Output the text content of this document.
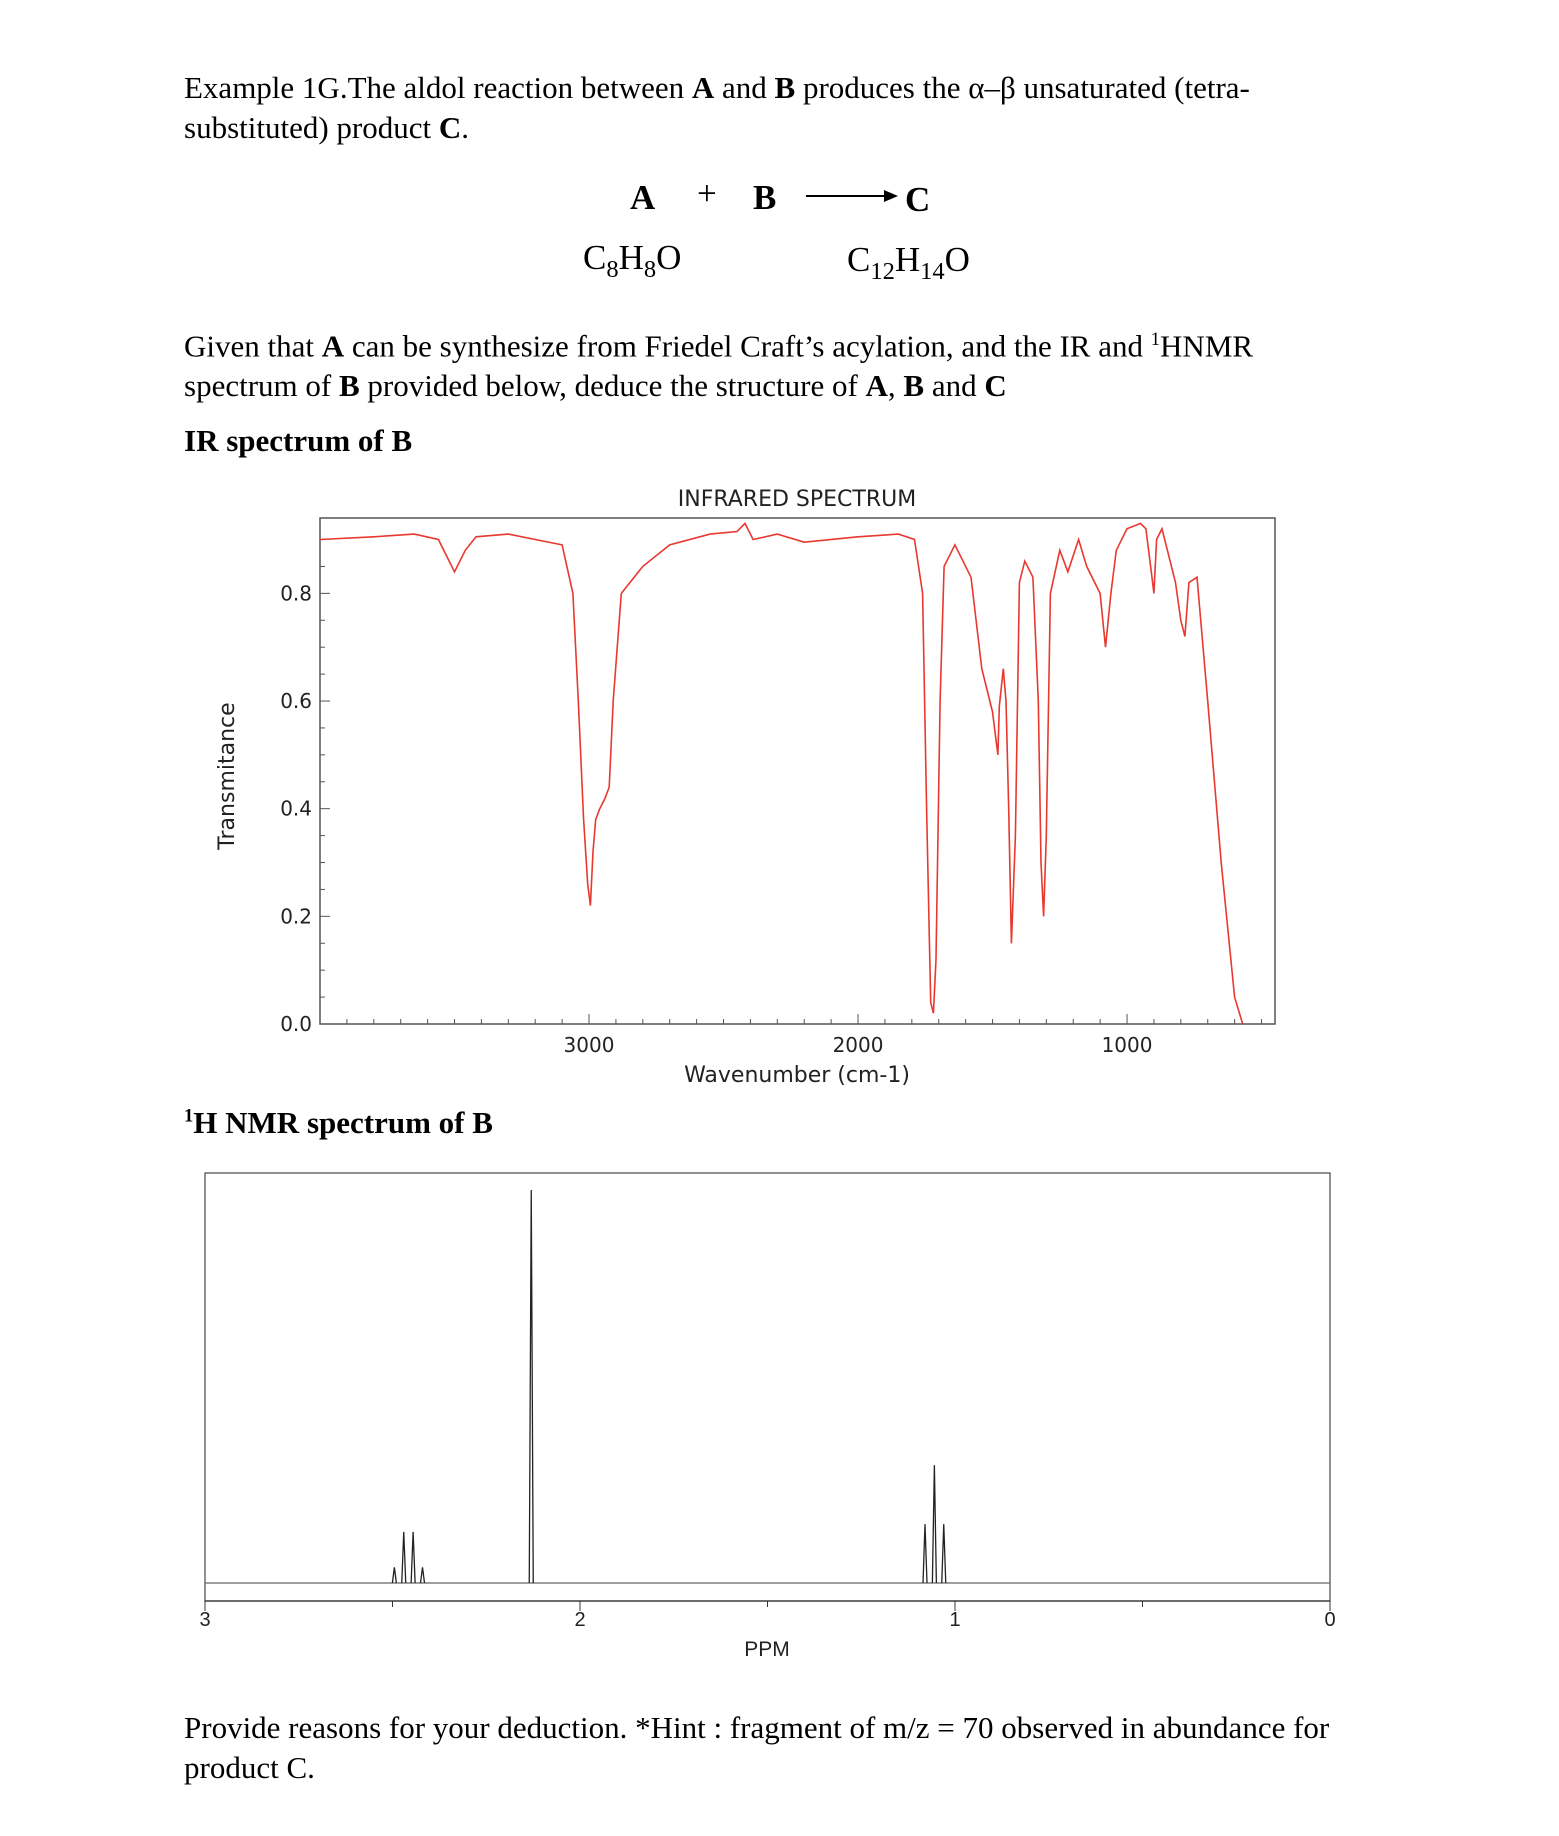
Example 1G.The aldol reaction between A and B produces the α–β unsaturated (tetra-substituted) product C.
A + B	C
$C_8H_8O$	$C_{12}H_{14}O$
Given that A can be synthesize from Friedel Craft’s acylation, and the IR and $^1$HNMR spectrum of B provided below, deduce the structure of A, B and C
IR spectrum of B
INFRARED SPECTRUM
0.0
0.2
0.4
0.6
0.8
3000	2000	1000
Wavenumber (cm-1)
Transmitance
$^1$H NMR spectrum of B
3	2	1	0
PPM
Provide reasons for your deduction. *Hint : fragment of m/z = 70 observed in abundance for product C.
